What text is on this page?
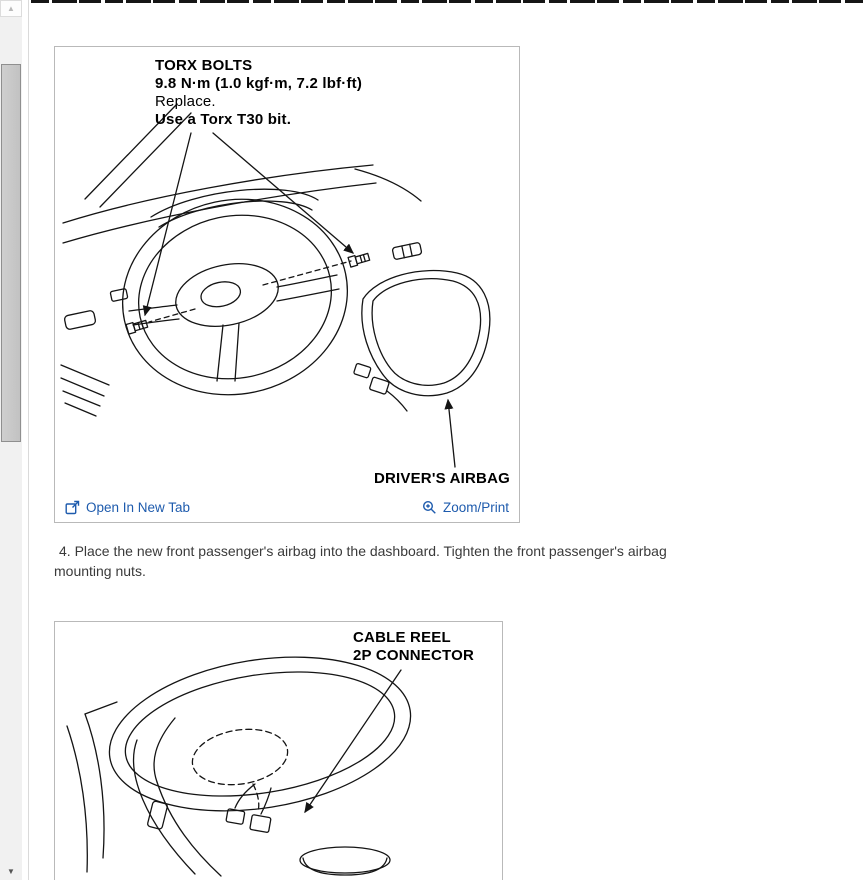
▲
▼
TORX BOLTS
9.8 N·m (1.0 kgf·m, 7.2 lbf·ft)
Replace.
Use a Torx T30 bit.
DRIVER'S AIRBAG
Open In New Tab	Zoom/Print

4. Place the new front passenger's airbag into the dashboard. Tighten the front passenger's airbag mounting nuts.

CABLE REEL
2P CONNECTOR
